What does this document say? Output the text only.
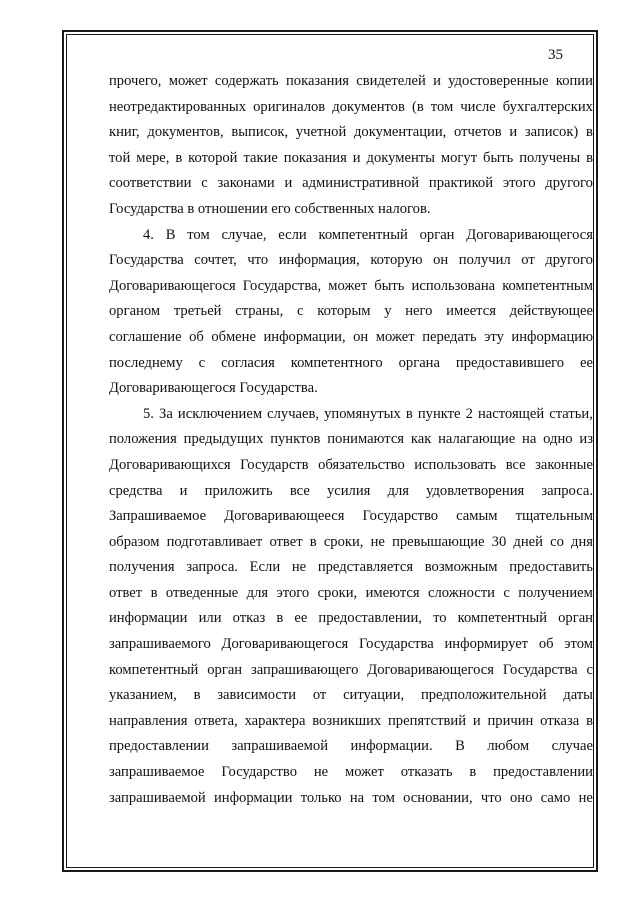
35
прочего, может содержать показания свидетелей и удостоверенные копии
неотредактированных оригиналов документов (в том числе бухгалтерских
книг, документов, выписок, учетной документации, отчетов и записок) в
той мере, в которой такие показания и документы могут быть получены в
соответствии с законами и административной практикой этого другого
Государства в отношении его собственных налогов.
4. В том случае, если компетентный орган Договаривающегося
Государства сочтет, что информация, которую он получил от другого
Договаривающегося Государства, может быть использована компетентным
органом третьей страны, с которым у него имеется действующее
соглашение об обмене информации, он может передать эту информацию
последнему с согласия компетентного органа предоставившего ее
Договаривающегося Государства.
5. За исключением случаев, упомянутых в пункте 2 настоящей статьи,
положения предыдущих пунктов понимаются как налагающие на одно из
Договаривающихся Государств обязательство использовать все законные
средства и приложить все усилия для удовлетворения запроса.
Запрашиваемое Договаривающееся Государство самым тщательным
образом подготавливает ответ в сроки, не превышающие 30 дней со дня
получения запроса. Если не представляется возможным предоставить
ответ в отведенные для этого сроки, имеются сложности с получением
информации или отказ в ее предоставлении, то компетентный орган
запрашиваемого Договаривающегося Государства информирует об этом
компетентный орган запрашивающего Договаривающегося Государства с
указанием, в зависимости от ситуации, предположительной даты
направления ответа, характера возникших препятствий и причин отказа в
предоставлении запрашиваемой информации. В любом случае
запрашиваемое Государство не может отказать в предоставлении
запрашиваемой информации только на том основании, что оно само не
